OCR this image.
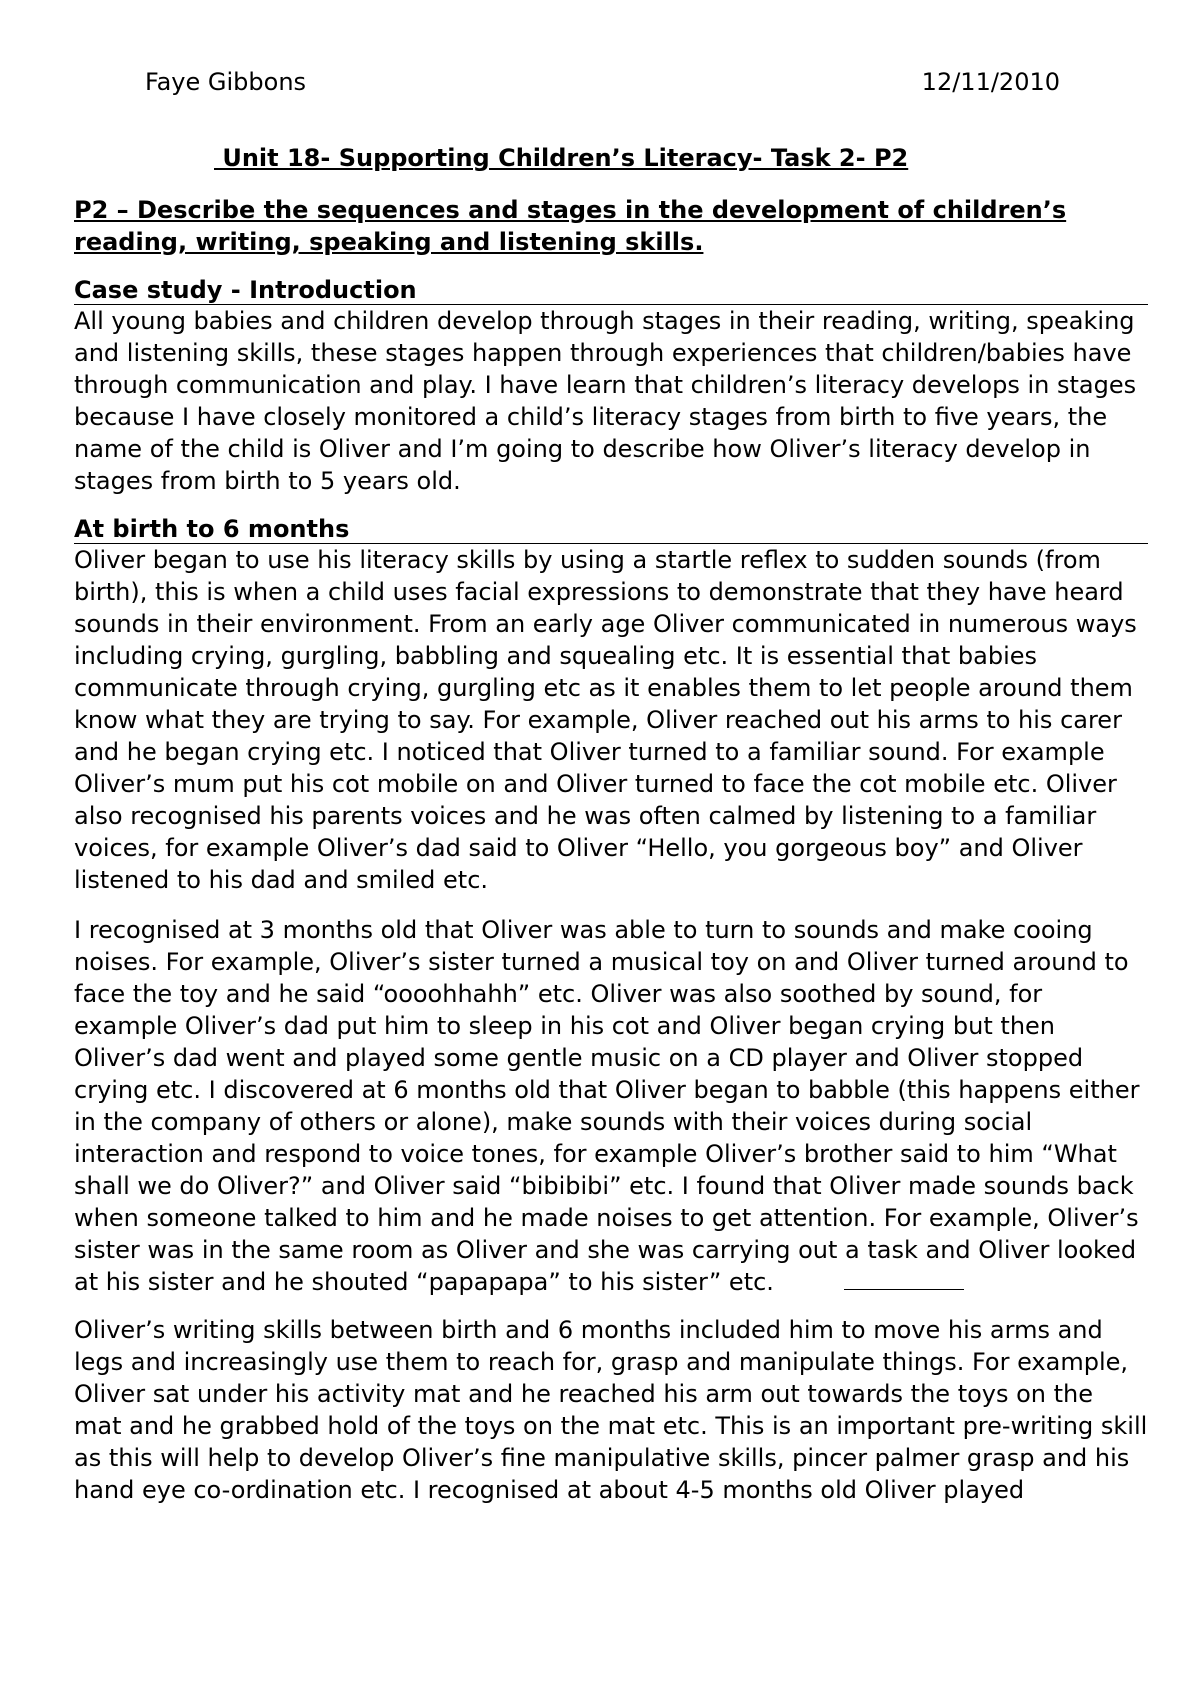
Faye Gibbons	12/11/2010
Unit 18- Supporting Children’s Literacy- Task 2- P2

P2 – Describe the sequences and stages in the development of children’s reading, writing, speaking and listening skills.

Case study - Introduction

All young babies and children develop through stages in their reading, writing, speaking and listening skills, these stages happen through experiences that children/babies have through communication and play. I have learn that children’s literacy develops in stages because I have closely monitored a child’s literacy stages from birth to five years, the name of the child is Oliver and I’m going to describe how Oliver’s literacy develop in stages from birth to 5 years old.

At birth to 6 months

Oliver began to use his literacy skills by using a startle reflex to sudden sounds (from birth), this is when a child uses facial expressions to demonstrate that they have heard sounds in their environment. From an early age Oliver communicated in numerous ways including crying, gurgling, babbling and squealing etc. It is essential that babies communicate through crying, gurgling etc as it enables them to let people around them know what they are trying to say. For example, Oliver reached out his arms to his carer and he began crying etc. I noticed that Oliver turned to a familiar sound. For example Oliver’s mum put his cot mobile on and Oliver turned to face the cot mobile etc. Oliver also recognised his parents voices and he was often calmed by listening to a familiar voices, for example Oliver’s dad said to Oliver “Hello, you gorgeous boy” and Oliver listened to his dad and smiled etc.

I recognised at 3 months old that Oliver was able to turn to sounds and make cooing noises. For example, Oliver’s sister turned a musical toy on and Oliver turned around to face the toy and he said “oooohhahh” etc. Oliver was also soothed by sound, for example Oliver’s dad put him to sleep in his cot and Oliver began crying but then Oliver’s dad went and played some gentle music on a CD player and Oliver stopped crying etc. I discovered at 6 months old that Oliver began to babble (this happens either in the company of others or alone), make sounds with their voices during social interaction and respond to voice tones, for example Oliver’s brother said to him “What shall we do Oliver?” and Oliver said “bibibibi” etc. I found that Oliver made sounds back when someone talked to him and he made noises to get attention. For example, Oliver’s sister was in the same room as Oliver and she was carrying out a task and Oliver looked at his sister and he shouted “papapapa” to his sister” etc.

Oliver’s writing skills between birth and 6 months included him to move his arms and legs and increasingly use them to reach for, grasp and manipulate things. For example, Oliver sat under his activity mat and he reached his arm out towards the toys on the mat and he grabbed hold of the toys on the mat etc. This is an important pre-writing skill as this will help to develop Oliver’s fine manipulative skills, pincer palmer grasp and his hand eye co-ordination etc. I recognised at about 4-5 months old Oliver played
